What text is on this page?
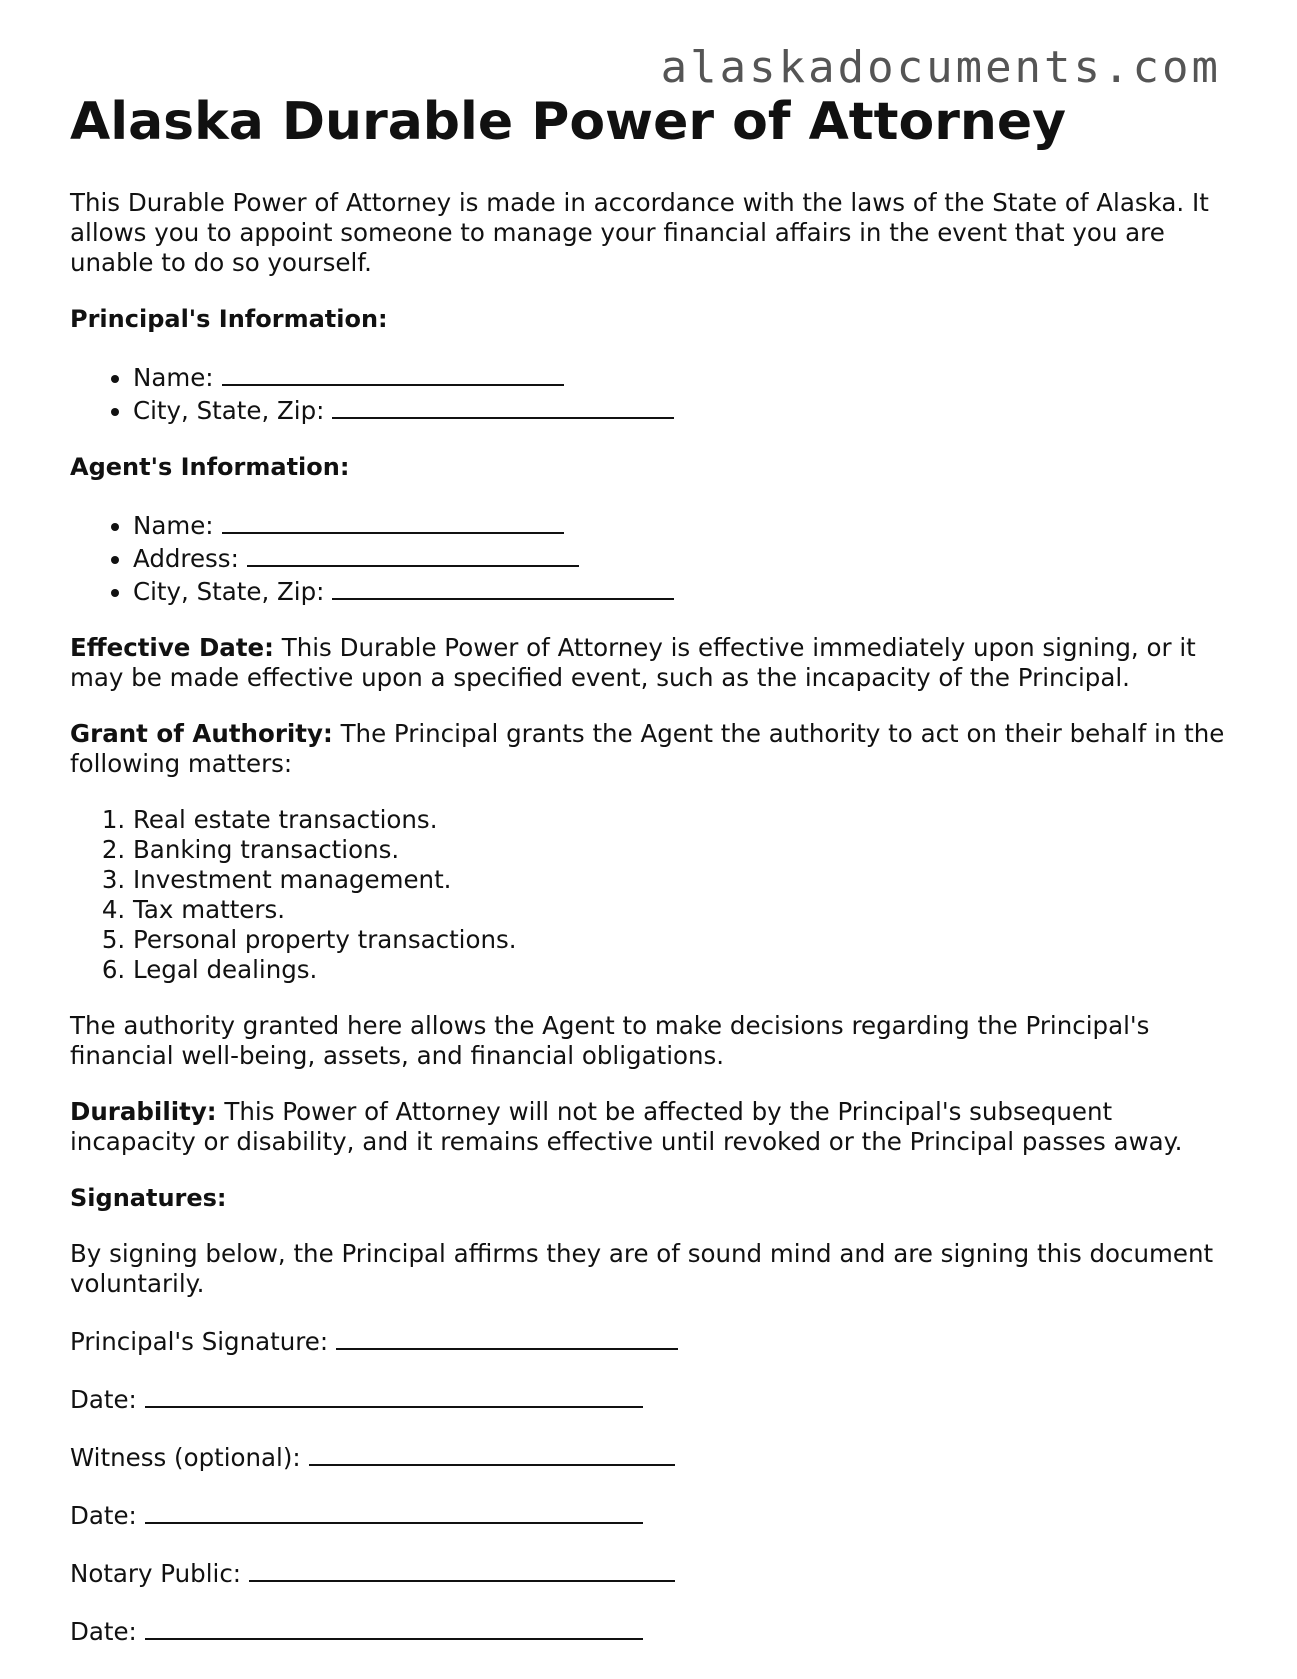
alaskadocuments.com
Alaska Durable Power of Attorney

This Durable Power of Attorney is made in accordance with the laws of the State of Alaska. It allows you to appoint someone to manage your financial affairs in the event that you are unable to do so yourself.

Principal's Information:
• Name:
• City, State, Zip:
Agent's Information:
• Name:
• Address:
• City, State, Zip:

Effective Date: This Durable Power of Attorney is effective immediately upon signing, or it may be made effective upon a specified event, such as the incapacity of the Principal.

Grant of Authority: The Principal grants the Agent the authority to act on their behalf in the following matters:

1. Real estate transactions.
2. Banking transactions.
3. Investment management.
4. Tax matters.
5. Personal property transactions.
6. Legal dealings.

The authority granted here allows the Agent to make decisions regarding the Principal's financial well-being, assets, and financial obligations.

Durability: This Power of Attorney will not be affected by the Principal's subsequent incapacity or disability, and it remains effective until revoked or the Principal passes away.

Signatures:

By signing below, the Principal affirms they are of sound mind and are signing this document voluntarily.

Principal's Signature:
Date:
Witness (optional):
Date:
Notary Public:
Date:
